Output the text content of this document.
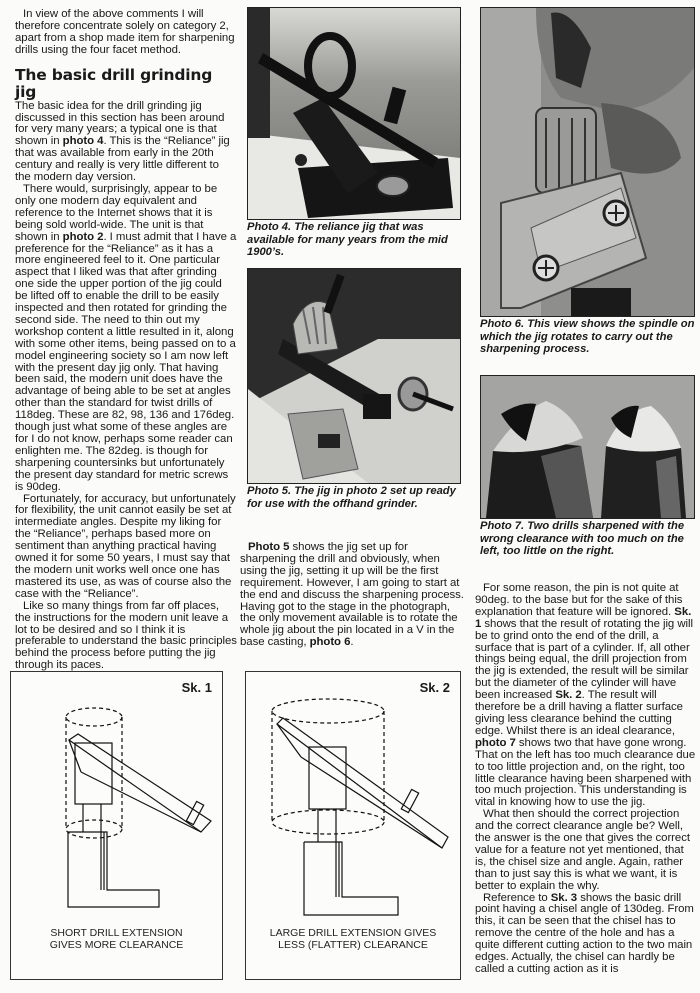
In view of the above comments I will therefore concentrate solely on category 2, apart from a shop made item for sharpening drills using the four facet method.

The basic drill grinding jig

The basic idea for the drill grinding jig discussed in this section has been around for very many years; a typical one is that shown in photo 4. This is the “Reliance” jig that was available from early in the 20th century and really is very little different to the modern day version.

There would, surprisingly, appear to be only one modern day equivalent and reference to the Internet shows that it is being sold world-wide. The unit is that shown in photo 2. I must admit that I have a preference for the “Reliance” as it has a more engineered feel to it. One particular aspect that I liked was that after grinding one side the upper portion of the jig could be lifted off to enable the drill to be easily inspected and then rotated for grinding the second side. The need to thin out my workshop content a little resulted in it, along with some other items, being passed on to a model engineering society so I am now left with the present day jig only. That having been said, the modern unit does have the advantage of being able to be set at angles other than the standard for twist drills of 118deg. These are 82, 98, 136 and 176deg. though just what some of these angles are for I do not know, perhaps some reader can enlighten me. The 82deg. is though for sharpening countersinks but unfortunately the present day standard for metric screws is 90deg.

Fortunately, for accuracy, but unfortunately for flexibility, the unit cannot easily be set at intermediate angles. Despite my liking for the “Reliance”, perhaps based more on sentiment than anything practical having owned it for some 50 years, I must say that the modern unit works well once one has mastered its use, as was of course also the case with the “Reliance”.

Like so many things from far off places, the instructions for the modern unit leave a lot to be desired and so I think it is preferable to understand the basic principles behind the process before putting the jig through its paces.

Photo 4. The reliance jig that was available for many years from the mid 1900’s.
Photo 5. The jig in photo 2 set up ready for use with the offhand grinder.

Photo 5 shows the jig set up for sharpening the drill and obviously, when using the jig, setting it up will be the first requirement. However, I am going to start at the end and discuss the sharpening process. Having got to the stage in the photograph, the only movement available is to rotate the whole jig about the pin located in a V in the base casting, photo 6.

Photo 6. This view shows the spindle on which the jig rotates to carry out the sharpening process.
Photo 7. Two drills sharpened with the wrong clearance with too much on the left, too little on the right.

For some reason, the pin is not quite at 90deg. to the base but for the sake of this explanation that feature will be ignored. Sk. 1 shows that the result of rotating the jig will be to grind onto the end of the drill, a surface that is part of a cylinder. If, all other things being equal, the drill projection from the jig is extended, the result will be similar but the diameter of the cylinder will have been increased Sk. 2. The result will therefore be a drill having a flatter surface giving less clearance behind the cutting edge. Whilst there is an ideal clearance, photo 7 shows two that have gone wrong. That on the left has too much clearance due to too little projection and, on the right, too little clearance having been sharpened with too much projection. This understanding is vital in knowing how to use the jig.

What then should the correct projection and the correct clearance angle be? Well, the answer is the one that gives the correct value for a feature not yet mentioned, that is, the chisel size and angle. Again, rather than to just say this is what we want, it is better to explain the why.

Reference to Sk. 3 shows the basic drill point having a chisel angle of 130deg. From this, it can be seen that the chisel has to remove the centre of the hole and has a quite different cutting action to the two main edges. Actually, the chisel can hardly be called a cutting action as it is

Sk. 1
SHORT DRILL EXTENSION
GIVES MORE CLEARANCE
Sk. 2
LARGE DRILL EXTENSION GIVES
LESS (FLATTER) CLEARANCE
